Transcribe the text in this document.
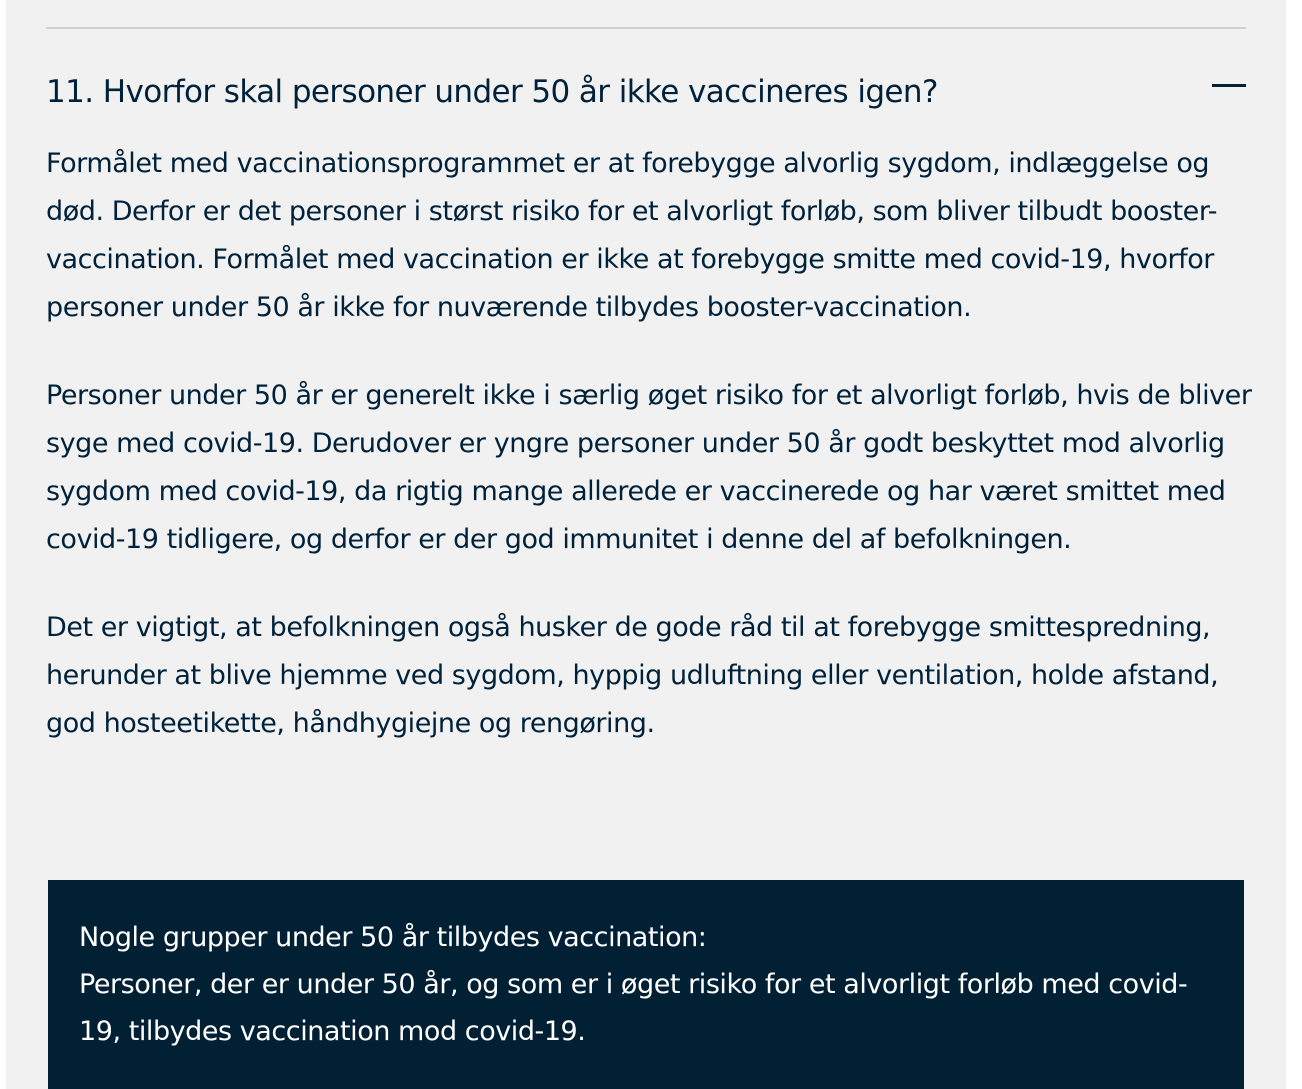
11. Hvorfor skal personer under 50 år ikke vaccineres igen?

Formålet med vaccinationsprogrammet er at forebygge alvorlig sygdom, indlæggelse og død. Derfor er det personer i størst risiko for et alvorligt forløb, som bliver tilbudt booster-vaccination. Formålet med vaccination er ikke at forebygge smitte med covid-19, hvorfor personer under 50 år ikke for nuværende tilbydes booster-vaccination.

Personer under 50 år er generelt ikke i særlig øget risiko for et alvorligt forløb, hvis de bliver syge med covid-19. Derudover er yngre personer under 50 år godt beskyttet mod alvorlig sygdom med covid-19, da rigtig mange allerede er vaccinerede og har været smittet med covid-19 tidligere, og derfor er der god immunitet i denne del af befolkningen.

Det er vigtigt, at befolkningen også husker de gode råd til at forebygge smittespredning, herunder at blive hjemme ved sygdom, hyppig udluftning eller ventilation, holde afstand, god hosteetikette, håndhygiejne og rengøring.

Nogle grupper under 50 år tilbydes vaccination:
Personer, der er under 50 år, og som er i øget risiko for et alvorligt forløb med covid-19, tilbydes vaccination mod covid-19.
